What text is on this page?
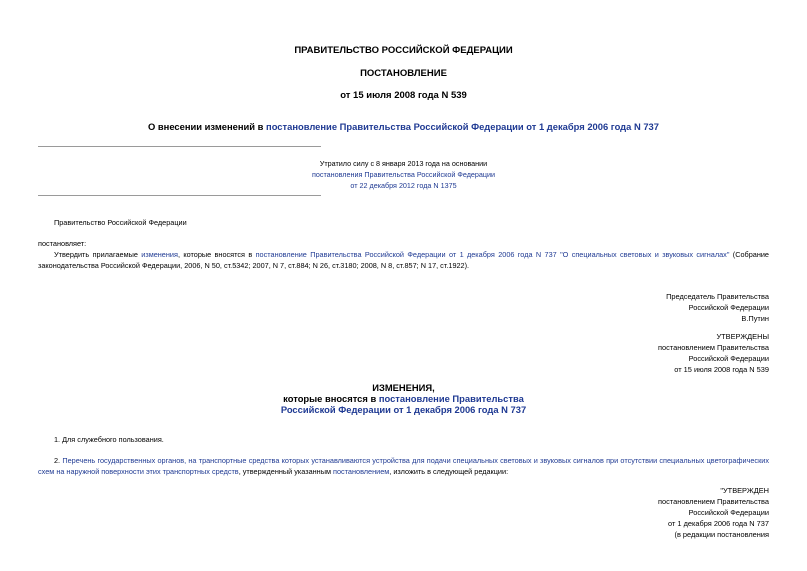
ПРАВИТЕЛЬСТВО РОССИЙСКОЙ ФЕДЕРАЦИИ
ПОСТАНОВЛЕНИЕ
от 15 июля 2008 года N 539
О внесении изменений в постановление Правительства Российской Федерации от 1 декабря 2006 года N 737
Утратило силу с 8 января 2013 года на основании
постановления Правительства Российской Федерации
от 22 декабря 2012 года N 1375
Правительство Российской Федерации
постановляет:
Утвердить прилагаемые изменения, которые вносятся в постановление Правительства Российской Федерации от 1 декабря 2006 года N 737 "О специальных световых и звуковых сигналах" (Собрание законодательства Российской Федерации, 2006, N 50, ст.5342; 2007, N 7, ст.884; N 26, ст.3180; 2008, N 8, ст.857; N 17, ст.1922).
Председатель Правительства
Российской Федерации
В.Путин
УТВЕРЖДЕНЫ
постановлением Правительства
Российской Федерации
от 15 июля 2008 года N 539
ИЗМЕНЕНИЯ,
которые вносятся в постановление Правительства
Российской Федерации от 1 декабря 2006 года N 737
1. Для служебного пользования.
2. Перечень государственных органов, на транспортные средства которых устанавливаются устройства для подачи специальных световых и звуковых сигналов при отсутствии специальных цветографических схем на наружной поверхности этих транспортных средств, утвержденный указанным постановлением, изложить в следующей редакции:
"УТВЕРЖДЕН
постановлением Правительства
Российской Федерации
от 1 декабря 2006 года N 737
(в редакции постановления
